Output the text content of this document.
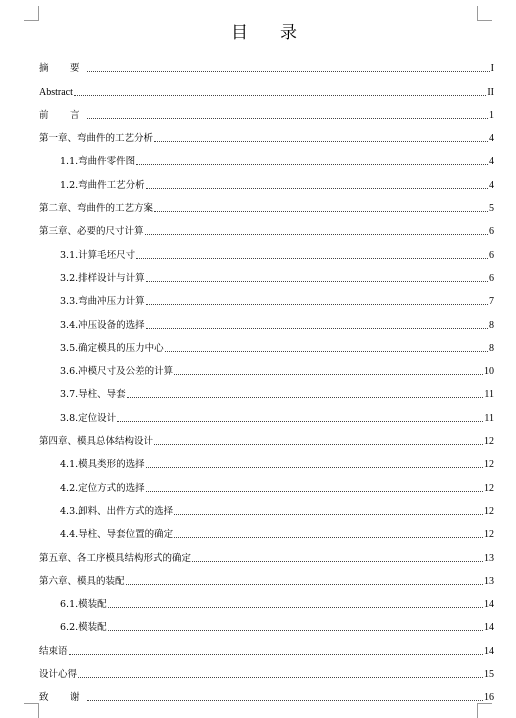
目 录
摘　要	I
Abstract	II
前　言	1
第一章、弯曲件的工艺分析	4
1.1.弯曲件零件图	4
1.2.弯曲件工艺分析	4
第二章、弯曲件的工艺方案	5
第三章、必要的尺寸计算	6
3.1.计算毛坯尺寸	6
3.2.排样设计与计算	6
3.3.弯曲冲压力计算	7
3.4.冲压设备的选择	8
3.5.确定模具的压力中心	8
3.6.冲模尺寸及公差的计算	10
3.7.导柱、导套	11
3.8.定位设计	11
第四章、模具总体结构设计	12
4.1.模具类形的选择	12
4.2.定位方式的选择	12
4.3.卸料、出件方式的选择	12
4.4.导柱、导套位置的确定	12
第五章、各工序模具结构形式的确定	13
第六章、模具的装配	13
6.1.模装配	14
6.2.模装配	14
结束语	14
设计心得	15
致　谢	16
